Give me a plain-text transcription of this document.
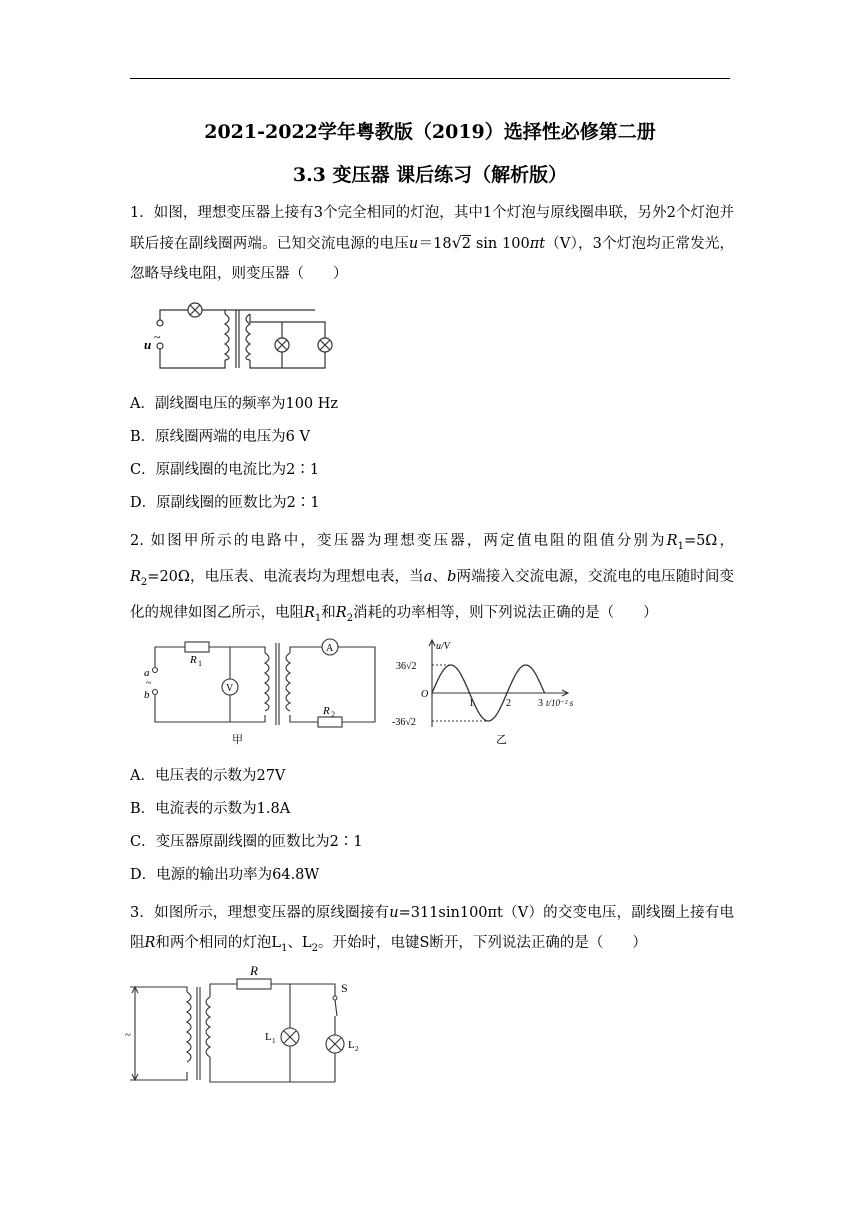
2021-2022学年粤教版（2019）选择性必修第二册
3.3 变压器 课后练习（解析版）
1．如图，理想变压器上接有3个完全相同的灯泡，其中1个灯泡与原线圈串联，另外2个灯泡并联后接在副线圈两端。已知交流电源的电压u＝18√2 sin 100πt（V），3个灯泡均正常发光，忽略导线电阻，则变压器（　　）
u ~
A．副线圈电压的频率为100 Hz
B．原线圈两端的电压为6 V
C．原副线圈的电流比为2∶1
D．原副线圈的匝数比为2∶1
2. 如图甲所示的电路中，变压器为理想变压器，两定值电阻的阻值分别为$R_1=5\Omega$，$R_2=20\Omega$，电压表、电流表均为理想电表，当a、b两端接入交流电源，交流电的电压随时间变化的规律如图乙所示，电阻$R_1$和$R_2$消耗的功率相等，则下列说法正确的是（　　）
V
A
R 1
R 2
a
~
b
甲
u/V
36√2
-36√2
O
1	2	3 t/10⁻² s
乙
A．电压表的示数为27V
B．电流表的示数为1.8A
C．变压器原副线圈的匝数比为2∶1
D．电源的输出功率为64.8W
3．如图所示，理想变压器的原线圈接有u=311sin100πt（V）的交变电压，副线圈上接有电阻R和两个相同的灯泡$L_1$、$L_2$。开始时，电键S断开，下列说法正确的是（　　）
R
S
L 1	L 2
~
